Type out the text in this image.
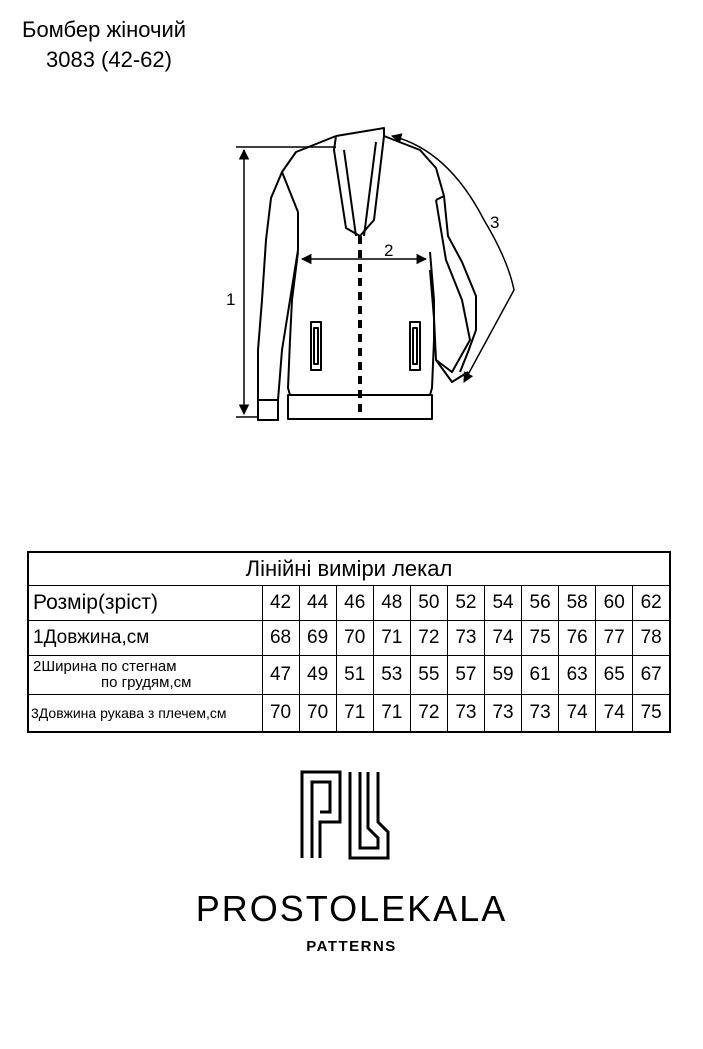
Бомбер жіночий
3083 (42-62)
1
2
3
Лінійні виміри лекал											
Розмір(зріст)	42	44	46	48	50	52	54	56	58	60	62
1Довжина,см	68	69	70	71	72	73	74	75	76	77	78
2Ширина по стегнам
по грудям,см	47	49	51	53	55	57	59	61	63	65	67
3Довжина рукава з плечем,см	70	70	71	71	72	73	73	73	74	74	75
PROSTOLEKALA
PATTERNS
